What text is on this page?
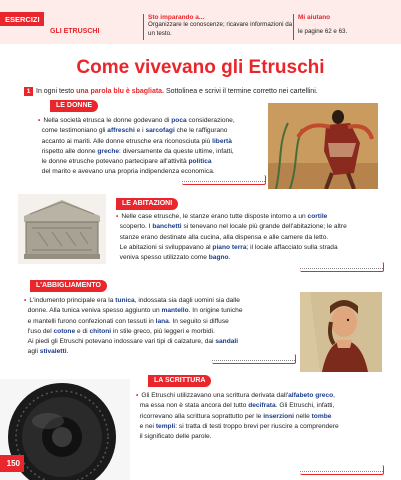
ESERCIZI
GLI ETRUSCHI
Sto imparando a...
Organizzare le conoscenze; ricavare informazioni da un testo.
Mi aiutano
le pagine 62 e 63.
Come vivevano gli Etruschi
1 In ogni testo una parola blu è sbagliata. Sottolinea e scrivi il termine corretto nei cartellini.
LE DONNE
• Nella società etrusca le donne godevano di poca considerazione,
come testimoniano gli affreschi e i sarcofagi che le raffigurano
accanto ai mariti. Alle donne etrusche era riconosciuta più libertà
rispetto alle donne greche: diversamente da queste ultime, infatti,
le donne etrusche potevano partecipare all'attività politica
del marito e avevano una propria indipendenza economica.
LE ABITAZIONI
• Nelle case etrusche, le stanze erano tutte disposte intorno a un cortile
scoperto. I banchetti si tenevano nel locale più grande dell'abitazione; le altre
stanze erano destinate alla cucina, alla dispensa e alle camere da letto.
Le abitazioni si sviluppavano al piano terra; il locale affacciato sulla strada
veniva spesso utilizzato come bagno.
L'ABBIGLIAMENTO
• L'indumento principale era la tunica, indossata sia dagli uomini sia dalle
donne. Alla tunica veniva spesso aggiunto un mantello. In origine tuniche
e mantelli furono confezionati con tessuti in lana. In seguito si diffuse
l'uso del cotone e di chitoni in stile greco, più leggeri e morbidi.
Ai piedi gli Etruschi potevano indossare vari tipi di calzature, dai sandali
agli stivaletti.
LA SCRITTURA
• Gli Etruschi utilizzavano una scrittura derivata dall'alfabeto greco,
ma essa non è stata ancora del tutto decifrata. Gli Etruschi, infatti,
ricorrevano alla scrittura soprattutto per le inserzioni nelle tombe
e nei templi: si tratta di testi troppo brevi per riuscire a comprendere
il significato delle parole.
150
